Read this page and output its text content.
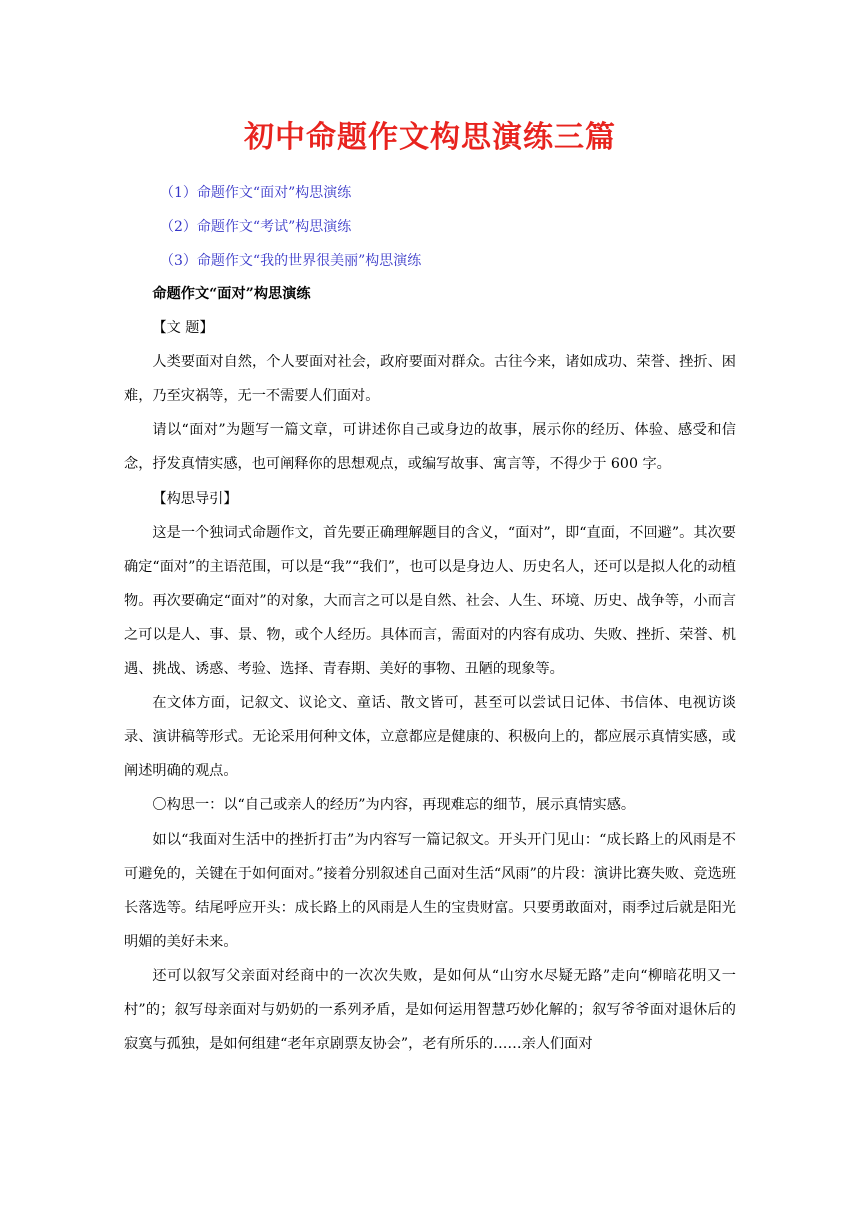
初中命题作文构思演练三篇
（1）命题作文“面对”构思演练
（2）命题作文“考试”构思演练
（3）命题作文“我的世界很美丽”构思演练

命题作文“面对”构思演练

【文 题】

人类要面对自然，个人要面对社会，政府要面对群众。古往今来，诸如成功、荣誉、挫折、困难，乃至灾祸等，无一不需要人们面对。

请以“面对”为题写一篇文章，可讲述你自己或身边的故事，展示你的经历、体验、感受和信念，抒发真情实感，也可阐释你的思想观点，或编写故事、寓言等，不得少于 600 字。

【构思导引】

这是一个独词式命题作文，首先要正确理解题目的含义，“面对”，即“直面，不回避”。其次要确定“面对”的主语范围，可以是“我”“我们”，也可以是身边人、历史名人，还可以是拟人化的动植物。再次要确定“面对”的对象，大而言之可以是自然、社会、人生、环境、历史、战争等，小而言之可以是人、事、景、物，或个人经历。具体而言，需面对的内容有成功、失败、挫折、荣誉、机遇、挑战、诱惑、考验、选择、青春期、美好的事物、丑陋的现象等。

在文体方面，记叙文、议论文、童话、散文皆可，甚至可以尝试日记体、书信体、电视访谈录、演讲稿等形式。无论采用何种文体，立意都应是健康的、积极向上的，都应展示真情实感，或阐述明确的观点。

〇构思一：以“自己或亲人的经历”为内容，再现难忘的细节，展示真情实感。

如以“我面对生活中的挫折打击”为内容写一篇记叙文。开头开门见山：“成长路上的风雨是不可避免的，关键在于如何面对。”接着分别叙述自己面对生活“风雨”的片段：演讲比赛失败、竞选班长落选等。结尾呼应开头：成长路上的风雨是人生的宝贵财富。只要勇敢面对，雨季过后就是阳光明媚的美好未来。

还可以叙写父亲面对经商中的一次次失败，是如何从“山穷水尽疑无路”走向“柳暗花明又一村”的；叙写母亲面对与奶奶的一系列矛盾，是如何运用智慧巧妙化解的；叙写爷爷面对退休后的寂寞与孤独，是如何组建“老年京剧票友协会”，老有所乐的……亲人们面对
